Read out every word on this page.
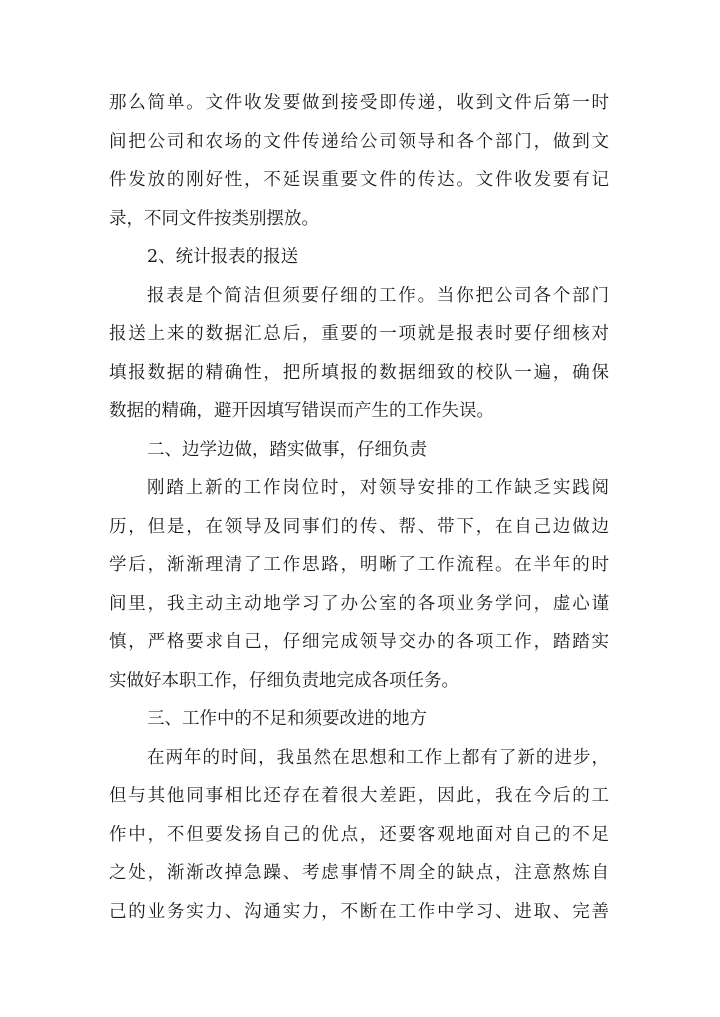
那么简单。文件收发要做到接受即传递，收到文件后第一时
间把公司和农场的文件传递给公司领导和各个部门，做到文
件发放的刚好性，不延误重要文件的传达。文件收发要有记
录，不同文件按类别摆放。
2、统计报表的报送
报表是个简洁但须要仔细的工作。当你把公司各个部门
报送上来的数据汇总后，重要的一项就是报表时要仔细核对
填报数据的精确性，把所填报的数据细致的校队一遍，确保
数据的精确，避开因填写错误而产生的工作失误。
二、边学边做，踏实做事，仔细负责
刚踏上新的工作岗位时，对领导安排的工作缺乏实践阅
历，但是，在领导及同事们的传、帮、带下，在自己边做边
学后，渐渐理清了工作思路，明晰了工作流程。在半年的时
间里，我主动主动地学习了办公室的各项业务学问，虚心谨
慎，严格要求自己，仔细完成领导交办的各项工作，踏踏实
实做好本职工作，仔细负责地完成各项任务。
三、工作中的不足和须要改进的地方
在两年的时间，我虽然在思想和工作上都有了新的进步，
但与其他同事相比还存在着很大差距，因此，我在今后的工
作中，不但要发扬自己的优点，还要客观地面对自己的不足
之处，渐渐改掉急躁、考虑事情不周全的缺点，注意熬炼自
己的业务实力、沟通实力，不断在工作中学习、进取、完善
